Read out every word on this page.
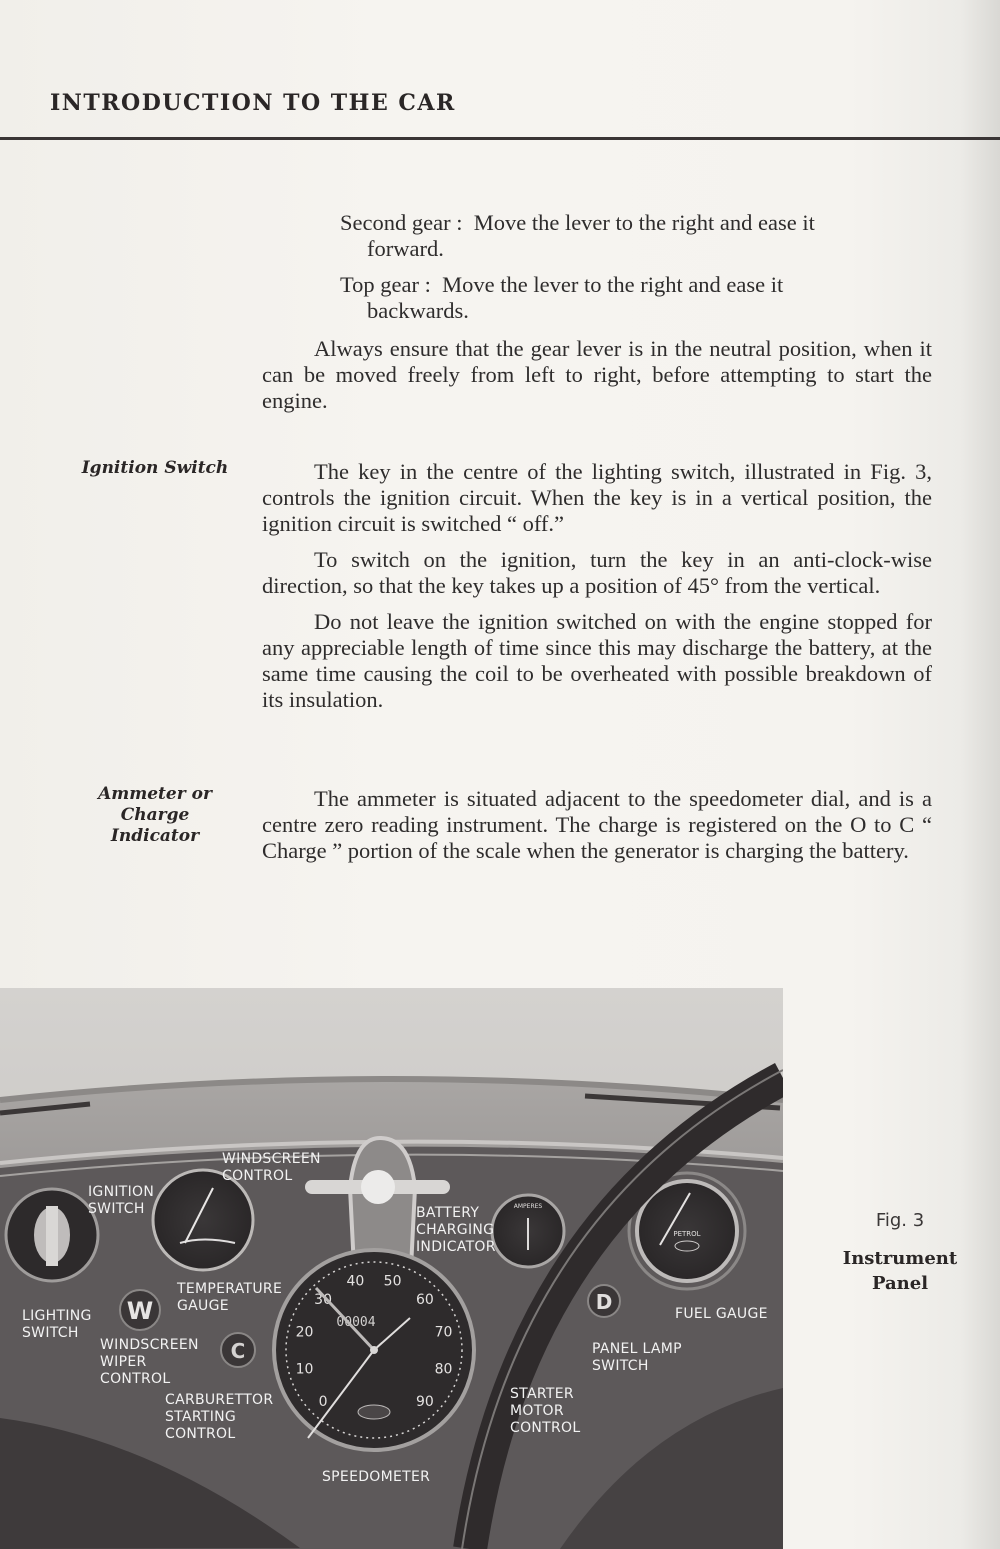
INTRODUCTION TO THE CAR
Second gear : Move the lever to the right and ease it
forward.
Top gear : Move the lever to the right and ease it
backwards.

Always ensure that the gear lever is in the neutral position, when it can be moved freely from left to right, before attempting to start the engine.

Ignition Switch	The key in the centre of the lighting switch, illustrated in Fig. 3, controls the ignition circuit. When the key is in a vertical position, the ignition circuit is switched “ off.”

To switch on the ignition, turn the key in an anti-clock-wise direction, so that the key takes up a position of 45° from the vertical.

Do not leave the ignition switched on with the engine stopped for any appreciable length of time since this may discharge the battery, at the same time causing the coil to be overheated with possible breakdown of its insulation.

Ammeter or
Charge
Indicator

The ammeter is situated adjacent to the speedometer dial, and is a centre zero reading instrument. The charge is registered on the O to C “ Charge ” portion of the scale when the generator is charging the battery.

W
C
0
10
20
30
40 50
60
70
80
90
00004
AMPERES
PETROL
D
WINDSCREEN
CONTROL
IGNITION
SWITCH	BATTERY
CHARGING
INDICATOR
TEMPERATURE
GAUGE	FUEL GAUGE
LIGHTING
SWITCH
WINDSCREEN
WIPER
CONTROL
PANEL LAMP
SWITCH
CARBURETTOR
STARTING
CONTROL
STARTER
MOTOR
CONTROL
SPEEDOMETER
Fig. 3
Instrument
Panel
